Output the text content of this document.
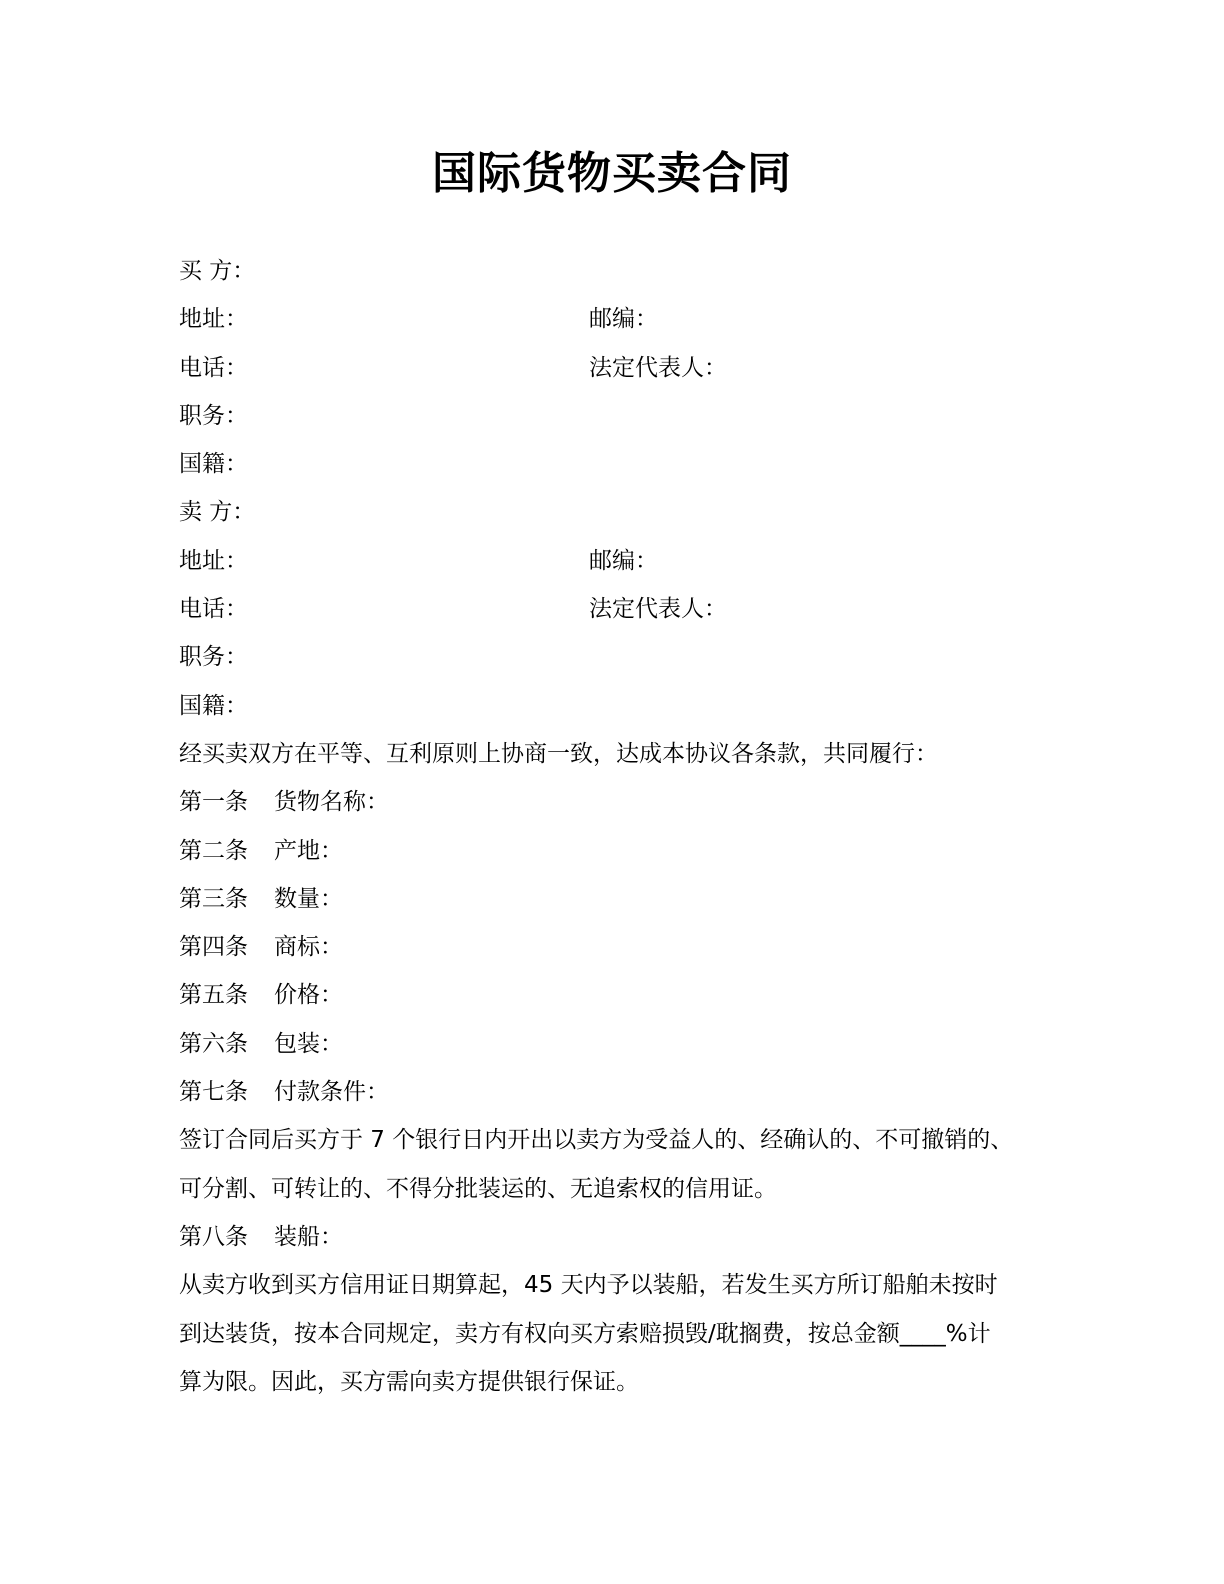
国际货物买卖合同
买 方：
地址：	邮编：
电话：	法定代表人：
职务：
国籍：
卖 方：
地址：	邮编：
电话：	法定代表人：
职务：
国籍：
经买卖双方在平等、互利原则上协商一致，达成本协议各条款，共同履行：
第一条 货物名称：
第二条 产地：
第三条 数量：
第四条 商标：
第五条 价格：
第六条 包装：
第七条 付款条件：
签订合同后买方于 7 个银行日内开出以卖方为受益人的、经确认的、不可撤销的、
可分割、可转让的、不得分批装运的、无追索权的信用证。
第八条 装船：
从卖方收到买方信用证日期算起，45 天内予以装船，若发生买方所订船舶未按时
到达装货，按本合同规定，卖方有权向买方索赔损毁/耽搁费，按总金额____%计
算为限。因此，买方需向卖方提供银行保证。
